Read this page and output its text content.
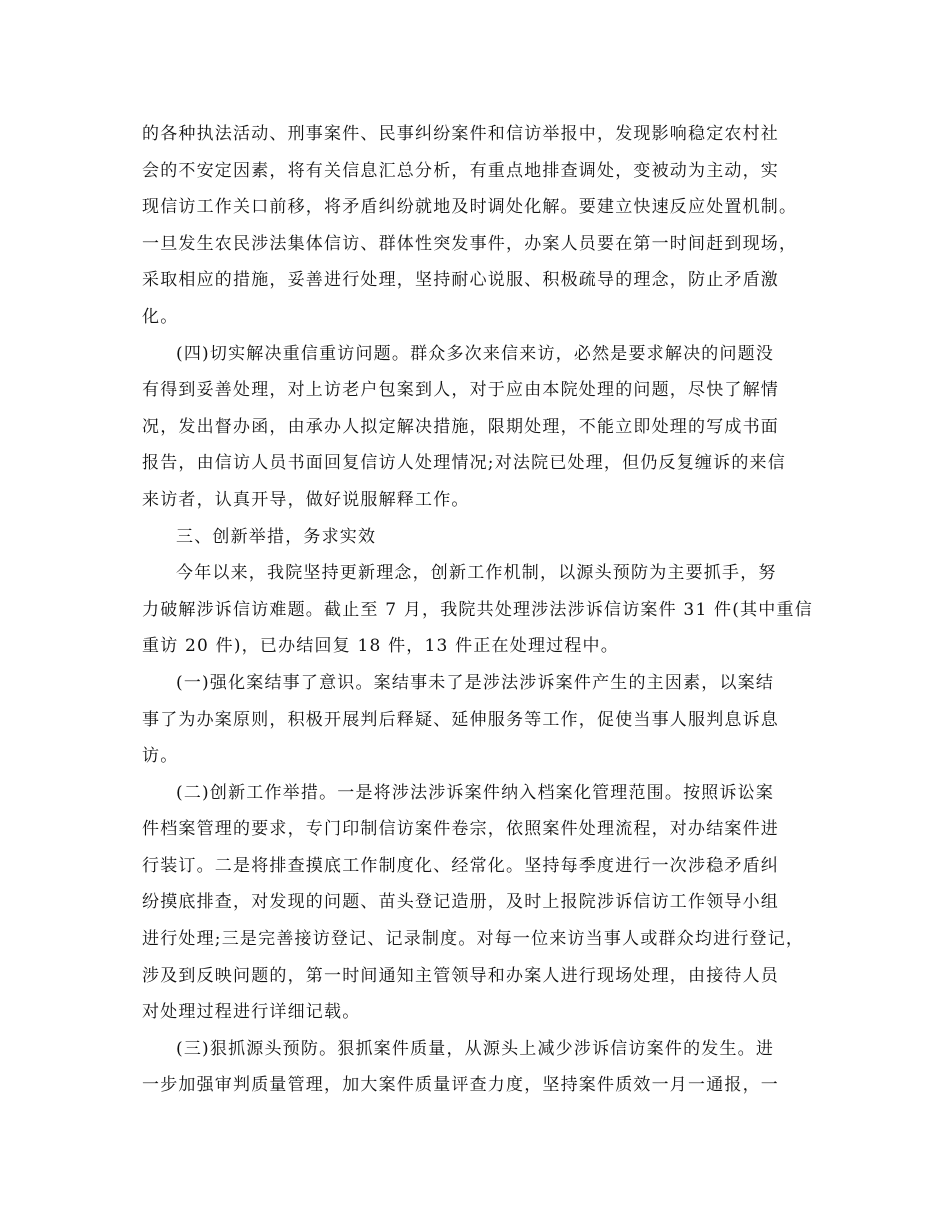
的各种执法活动、刑事案件、民事纠纷案件和信访举报中，发现影响稳定农村社
会的不安定因素，将有关信息汇总分析，有重点地排查调处，变被动为主动，实
现信访工作关口前移，将矛盾纠纷就地及时调处化解。要建立快速反应处置机制。
一旦发生农民涉法集体信访、群体性突发事件，办案人员要在第一时间赶到现场，
采取相应的措施，妥善进行处理，坚持耐心说服、积极疏导的理念，防止矛盾激
化。
(四)切实解决重信重访问题。群众多次来信来访，必然是要求解决的问题没
有得到妥善处理，对上访老户包案到人，对于应由本院处理的问题，尽快了解情
况，发出督办函，由承办人拟定解决措施，限期处理，不能立即处理的写成书面
报告，由信访人员书面回复信访人处理情况;对法院已处理，但仍反复缠诉的来信
来访者，认真开导，做好说服解释工作。
三、创新举措，务求实效
今年以来，我院坚持更新理念，创新工作机制，以源头预防为主要抓手，努
力破解涉诉信访难题。截止至 7 月，我院共处理涉法涉诉信访案件 31 件(其中重信
重访 20 件)，已办结回复 18 件，13 件正在处理过程中。
(一)强化案结事了意识。案结事未了是涉法涉诉案件产生的主因素，以案结
事了为办案原则，积极开展判后释疑、延伸服务等工作，促使当事人服判息诉息
访。
(二)创新工作举措。一是将涉法涉诉案件纳入档案化管理范围。按照诉讼案
件档案管理的要求，专门印制信访案件卷宗，依照案件处理流程，对办结案件进
行装订。二是将排查摸底工作制度化、经常化。坚持每季度进行一次涉稳矛盾纠
纷摸底排查，对发现的问题、苗头登记造册，及时上报院涉诉信访工作领导小组
进行处理;三是完善接访登记、记录制度。对每一位来访当事人或群众均进行登记，
涉及到反映问题的，第一时间通知主管领导和办案人进行现场处理，由接待人员
对处理过程进行详细记载。
(三)狠抓源头预防。狠抓案件质量，从源头上减少涉诉信访案件的发生。进
一步加强审判质量管理，加大案件质量评查力度，坚持案件质效一月一通报，一
